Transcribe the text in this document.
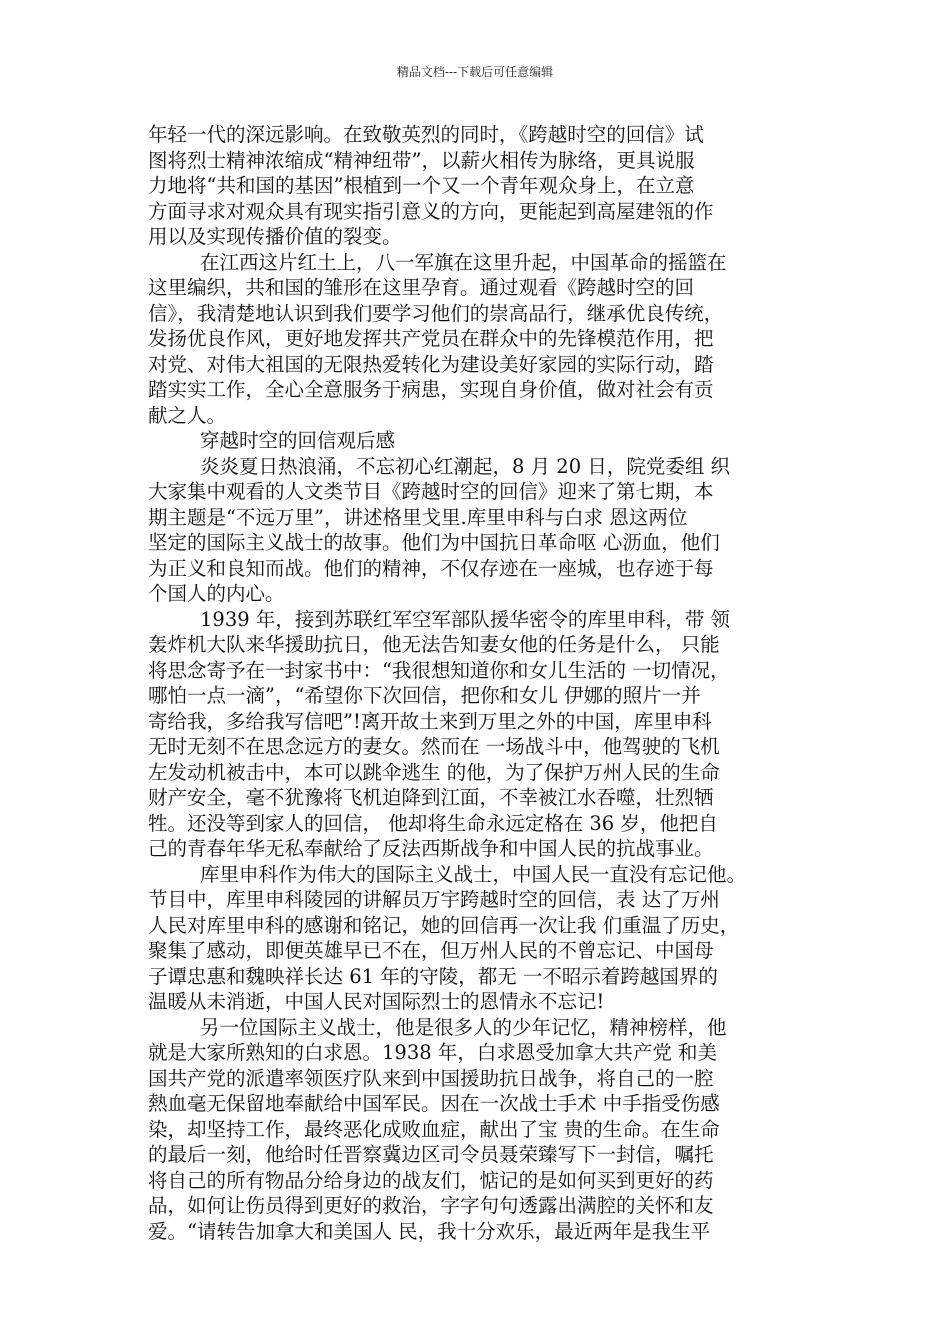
精品文档---下载后可任意编辑
年轻一代的深远影响。在致敬英烈的同时，《跨越时空的回信》试
图将烈士精神浓缩成“精神纽带”，以薪火相传为脉络，更具说服
力地将“共和国的基因”根植到一个又一个青年观众身上，在立意
方面寻求对观众具有现实指引意义的方向，更能起到高屋建瓴的作
用以及实现传播价值的裂变。
在江西这片红土上，八一军旗在这里升起，中国革命的摇篮在
这里编织，共和国的雏形在这里孕育。通过观看《跨越时空的回
信》，我清楚地认识到我们要学习他们的崇高品行，继承优良传统，
发扬优良作风，更好地发挥共产党员在群众中的先锋模范作用，把
对党、对伟大祖国的无限热爱转化为建设美好家园的实际行动，踏
踏实实工作，全心全意服务于病患，实现自身价值，做对社会有贡
献之人。
穿越时空的回信观后感
炎炎夏日热浪涌，不忘初心红潮起，8 月 20 日，院党委组 织
大家集中观看的人文类节目《跨越时空的回信》迎来了第七期，本
期主题是“不远万里”，讲述格里戈里.库里申科与白求 恩这两位
坚定的国际主义战士的故事。他们为中国抗日革命呕 心沥血，他们
为正义和良知而战。他们的精神，不仅存迹在一座城，也存迹于每
个国人的内心。
1939 年，接到苏联红军空军部队援华密令的库里申科，带 领
轰炸机大队来华援助抗日，他无法告知妻女他的任务是什么， 只能
将思念寄予在一封家书中：“我很想知道你和女儿生活的 一切情况，
哪怕一点一滴”，“希望你下次回信，把你和女儿 伊娜的照片一并
寄给我，多给我写信吧”!离开故土来到万里之外的中国，库里申科
无时无刻不在思念远方的妻女。然而在 一场战斗中，他驾驶的飞机
左发动机被击中，本可以跳伞逃生 的他，为了保护万州人民的生命
财产安全，毫不犹豫将飞机迫降到江面，不幸被江水吞噬，壮烈牺
牲。还没等到家人的回信， 他却将生命永远定格在 36 岁，他把自
己的青春年华无私奉献给了反法西斯战争和中国人民的抗战事业。
库里申科作为伟大的国际主义战士，中国人民一直没有忘记他。
节目中，库里申科陵园的讲解员万宇跨越时空的回信，表 达了万州
人民对库里申科的感谢和铭记，她的回信再一次让我 们重温了历史，
聚集了感动，即便英雄早已不在，但万州人民的不曾忘记、中国母
子谭忠惠和魏映祥长达 61 年的守陵，都无 一不昭示着跨越国界的
温暖从未消逝，中国人民对国际烈士的恩情永不忘记!
另一位国际主义战士，他是很多人的少年记忆，精神榜样，他
就是大家所熟知的白求恩。1938 年，白求恩受加拿大共产党 和美
国共产党的派遣率领医疗队来到中国援助抗日战争，将自己的一腔
熱血毫无保留地奉献给中国军民。因在一次战士手术 中手指受伤感
染，却坚持工作，最终恶化成败血症，献出了宝 贵的生命。在生命
的最后一刻，他给时任晋察冀边区司令员聂荣臻写下一封信，嘱托
将自己的所有物品分给身边的战友们，惦记的是如何买到更好的药
品，如何让伤员得到更好的救治，字字句句透露出满腔的关怀和友
爱。“请转告加拿大和美国人 民，我十分欢乐，最近两年是我生平
